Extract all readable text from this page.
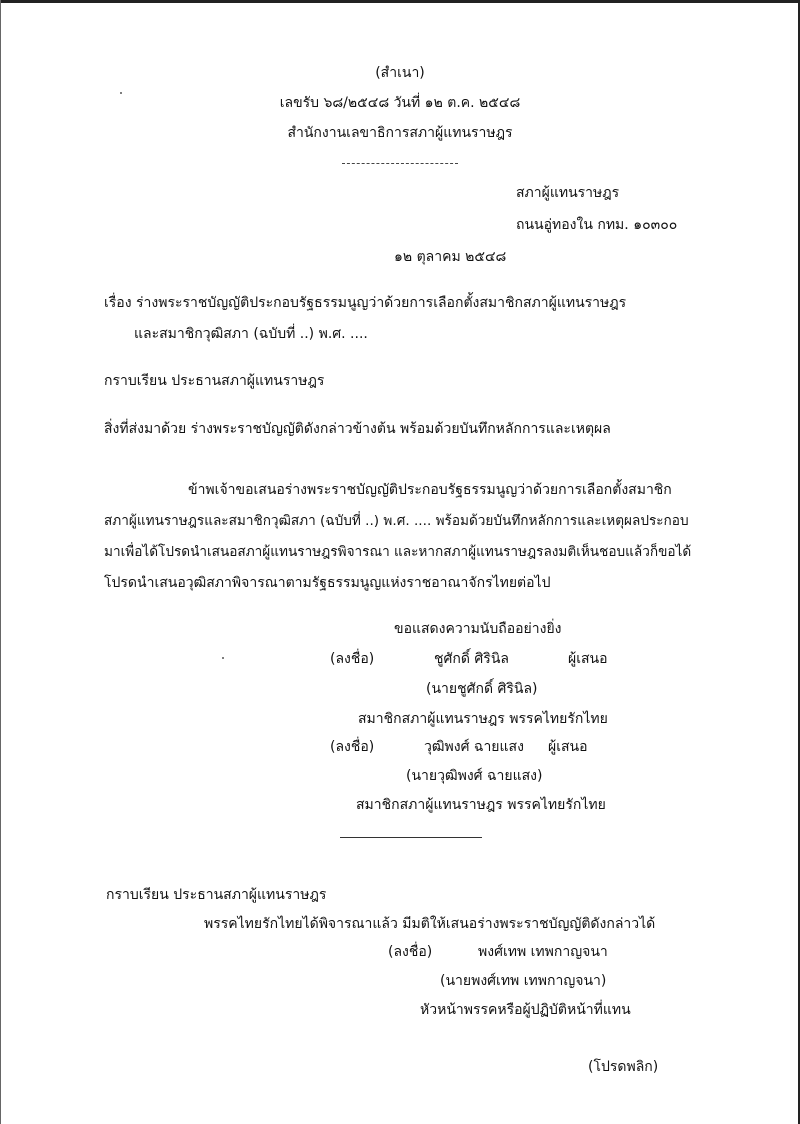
(สำเนา)
เลขรับ ๖๘/๒๕๔๘ วันที่ ๑๒ ต.ค. ๒๕๔๘
สำนักงานเลขาธิการสภาผู้แทนราษฎร
สภาผู้แทนราษฎร
ถนนอู่ทองใน กทม. ๑๐๓๐๐
๑๒ ตุลาคม ๒๕๔๘
เรื่อง ร่างพระราชบัญญัติประกอบรัฐธรรมนูญว่าด้วยการเลือกตั้งสมาชิกสภาผู้แทนราษฎร
และสมาชิกวุฒิสภา (ฉบับที่ ..) พ.ศ. ....
กราบเรียน ประธานสภาผู้แทนราษฎร
สิ่งที่ส่งมาด้วย ร่างพระราชบัญญัติดังกล่าวข้างต้น พร้อมด้วยบันทึกหลักการและเหตุผล
ข้าพเจ้าขอเสนอร่างพระราชบัญญัติประกอบรัฐธรรมนูญว่าด้วยการเลือกตั้งสมาชิก
สภาผู้แทนราษฎรและสมาชิกวุฒิสภา (ฉบับที่ ..) พ.ศ. .... พร้อมด้วยบันทึกหลักการและเหตุผลประกอบ
มาเพื่อได้โปรดนำเสนอสภาผู้แทนราษฎรพิจารณา และหากสภาผู้แทนราษฎรลงมติเห็นชอบแล้วก็ขอได้
โปรดนำเสนอวุฒิสภาพิจารณาตามรัฐธรรมนูญแห่งราชอาณาจักรไทยต่อไป
ขอแสดงความนับถืออย่างยิ่ง
(ลงชื่อ)	ชูศักดิ์ ศิรินิล	ผู้เสนอ
(นายชูศักดิ์ ศิรินิล)
สมาชิกสภาผู้แทนราษฎร พรรคไทยรักไทย
(ลงชื่อ)	วุฒิพงศ์ ฉายแสง ผู้เสนอ
(นายวุฒิพงศ์ ฉายแสง)
สมาชิกสภาผู้แทนราษฎร พรรคไทยรักไทย
กราบเรียน ประธานสภาผู้แทนราษฎร
พรรคไทยรักไทยได้พิจารณาแล้ว มีมติให้เสนอร่างพระราชบัญญัติดังกล่าวได้
(ลงชื่อ)	พงศ์เทพ เทพกาญจนา
(นายพงศ์เทพ เทพกาญจนา)
หัวหน้าพรรคหรือผู้ปฏิบัติหน้าที่แทน
(โปรดพลิก)
